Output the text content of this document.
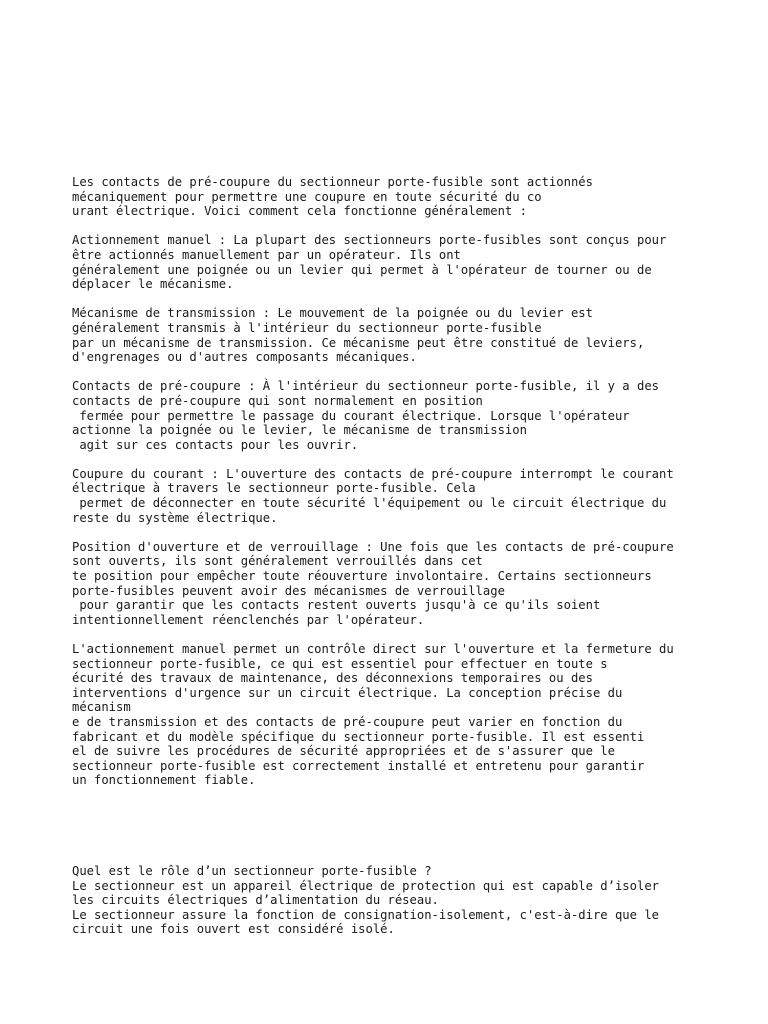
Les contacts de pré-coupure du sectionneur porte-fusible sont actionnés
mécaniquement pour permettre une coupure en toute sécurité du co
urant électrique. Voici comment cela fonctionne généralement :

Actionnement manuel : La plupart des sectionneurs porte-fusibles sont conçus pour
être actionnés manuellement par un opérateur. Ils ont
généralement une poignée ou un levier qui permet à l'opérateur de tourner ou de
déplacer le mécanisme.

Mécanisme de transmission : Le mouvement de la poignée ou du levier est
généralement transmis à l'intérieur du sectionneur porte-fusible
par un mécanisme de transmission. Ce mécanisme peut être constitué de leviers,
d'engrenages ou d'autres composants mécaniques.

Contacts de pré-coupure : À l'intérieur du sectionneur porte-fusible, il y a des
contacts de pré-coupure qui sont normalement en position
fermée pour permettre le passage du courant électrique. Lorsque l'opérateur
actionne la poignée ou le levier, le mécanisme de transmission
agit sur ces contacts pour les ouvrir.

Coupure du courant : L'ouverture des contacts de pré-coupure interrompt le courant
électrique à travers le sectionneur porte-fusible. Cela
permet de déconnecter en toute sécurité l'équipement ou le circuit électrique du
reste du système électrique.

Position d'ouverture et de verrouillage : Une fois que les contacts de pré-coupure
sont ouverts, ils sont généralement verrouillés dans cet
te position pour empêcher toute réouverture involontaire. Certains sectionneurs
porte-fusibles peuvent avoir des mécanismes de verrouillage
pour garantir que les contacts restent ouverts jusqu'à ce qu'ils soient
intentionnellement réenclenchés par l'opérateur.

L'actionnement manuel permet un contrôle direct sur l'ouverture et la fermeture du
sectionneur porte-fusible, ce qui est essentiel pour effectuer en toute s
écurité des travaux de maintenance, des déconnexions temporaires ou des
interventions d'urgence sur un circuit électrique. La conception précise du
mécanism
e de transmission et des contacts de pré-coupure peut varier en fonction du
fabricant et du modèle spécifique du sectionneur porte-fusible. Il est essenti
el de suivre les procédures de sécurité appropriées et de s'assurer que le
sectionneur porte-fusible est correctement installé et entretenu pour garantir
un fonctionnement fiable.

Quel est le rôle d’un sectionneur porte-fusible ?
Le sectionneur est un appareil électrique de protection qui est capable d’isoler
les circuits électriques d’alimentation du réseau.
Le sectionneur assure la fonction de consignation-isolement, c'est-à-dire que le
circuit une fois ouvert est considéré isolé.
